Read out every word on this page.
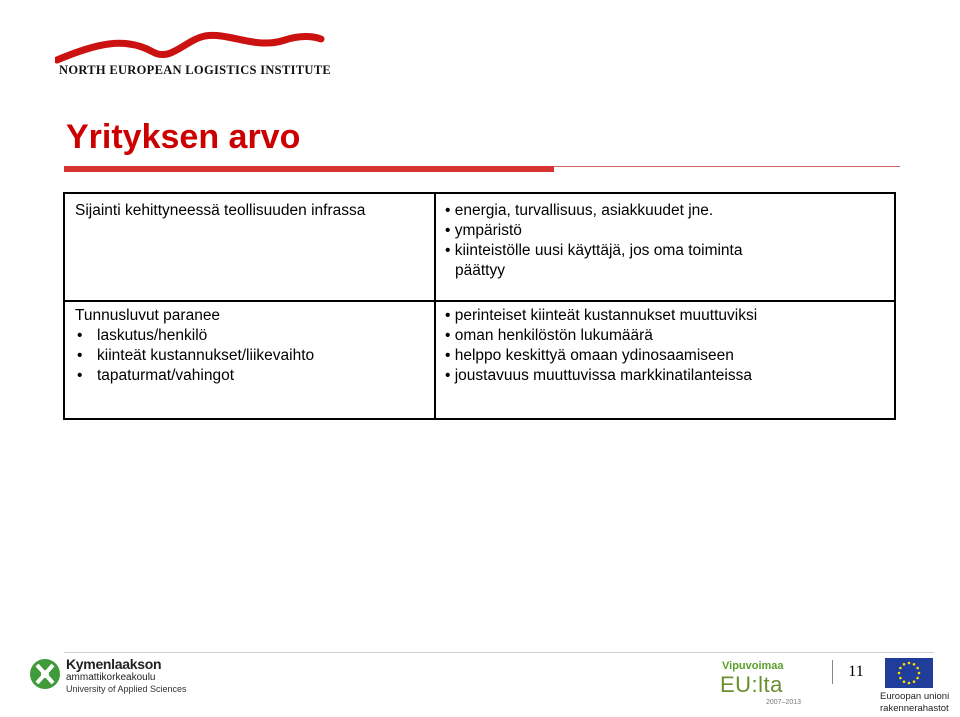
NORTH EUROPEAN LOGISTICS INSTITUTE
Yrityksen arvo
Sijainti kehittyneessä teollisuuden infrassa	• energia, turvallisuus, asiakkuudet jne.
• ympäristö
• kiinteistölle uusi käyttäjä, jos oma toiminta
päättyy
Tunnusluvut paranee
• laskutus/henkilö
• kiinteät kustannukset/liikevaihto
• tapaturmat/vahingot
• perinteiset kiinteät kustannukset muuttuviksi
• oman henkilöstön lukumäärä
• helppo keskittyä omaan ydinosaamiseen
• joustavuus muuttuvissa markkinatilanteissa
Kymenlaakson
ammattikorkeakoulu
University of Applied Sciences
Vipuvoimaa
EU:lta
2007–2013
11
Euroopan unioni
rakennerahastot
